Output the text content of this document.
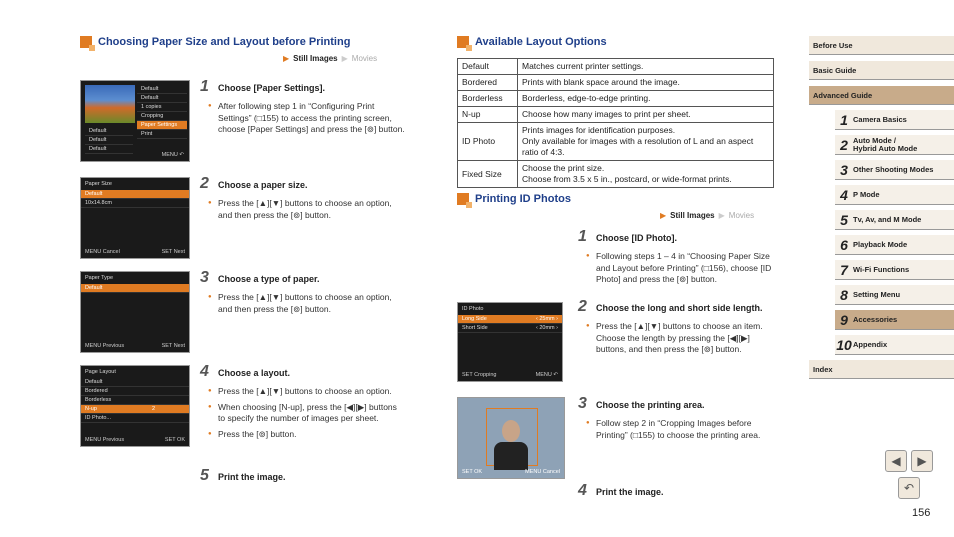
Choosing Paper Size and Layout before Printing
▶ Still Images ▶ Movies
Default
Default
1 copies
Cropping
Paper Settings
Print
Default
Default
Default
MENU ↶
1	Choose [Paper Settings].
● After following step 1 in “Configuring Print Settings” (□155) to access the printing screen, choose [Paper Settings] and press the [⊚] button.
Paper Size
Default
10x14.8cm
MENU Cancel	SET Next
2	Choose a paper size.
● Press the [▲][▼] buttons to choose an option, and then press the [⊚] button.
Paper Type
Default
MENU Previous	SET Next
3	Choose a type of paper.
● Press the [▲][▼] buttons to choose an option, and then press the [⊚] button.
Page Layout
Default
Bordered
Borderless
N-up	2
ID Photo...
MENU Previous	SET OK
4	Choose a layout.
● Press the [▲][▼] buttons to choose an option.
● When choosing [N-up], press the [◀][▶] buttons to specify the number of images per sheet.
● Press the [⊚] button.
5	Print the image.
Available Layout Options
Default	Matches current printer settings.
Bordered	Prints with blank space around the image.
Borderless	Borderless, edge-to-edge printing.
N-up	Choose how many images to print per sheet.
ID Photo	Prints images for identification purposes.
Only available for images with a resolution of L and an aspect ratio of 4:3.
Fixed Size	Choose the print size.
Choose from 3.5 x 5 in., postcard, or wide-format prints.
Printing ID Photos
▶ Still Images ▶ Movies
1	Choose [ID Photo].
● Following steps 1 – 4 in “Choosing Paper Size and Layout before Printing” (□156), choose [ID Photo] and press the [⊚] button.
ID Photo
Long Side	‹ 25mm ›
Short Side	‹ 20mm ›
SET Cropping	MENU ↶
2	Choose the long and short side length.
● Press the [▲][▼] buttons to choose an item. Choose the length by pressing the [◀][▶] buttons, and then press the [⊚] button.
SET OK	MENU Cancel
3	Choose the printing area.
● Follow step 2 in “Cropping Images before Printing” (□155) to choose the printing area.
4	Print the image.
Before Use
Basic Guide
Advanced Guide
1 Camera Basics
2 Auto Mode /
Hybrid Auto Mode
3 Other Shooting Modes
4 P Mode
5 Tv, Av, and M Mode
6 Playback Mode
7 Wi-Fi Functions
8 Setting Menu
9 Accessories
10 Appendix
Index
◀ ▶
↶
156
